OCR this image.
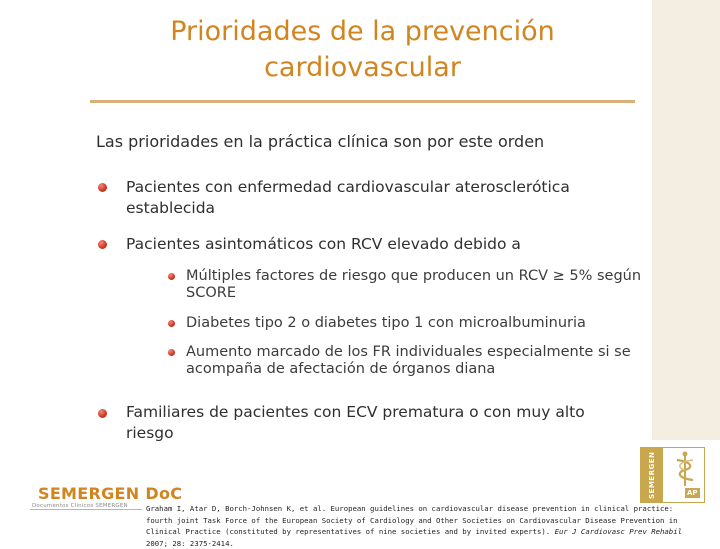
Prioridades de la prevención cardiovascular

Las prioridades en la práctica clínica son por este orden

Pacientes con enfermedad cardiovascular aterosclerótica establecida

Pacientes asintomáticos con RCV elevado debido a

Múltiples factores de riesgo que producen un RCV ≥ 5% según SCORE

Diabetes tipo 2 o diabetes tipo 1 con microalbuminuria

Aumento marcado de los FR individuales especialmente si se acompaña de afectación de órganos diana

Familiares de pacientes con ECV prematura o con muy alto riesgo

SEMERGEN DoC
Documentos Clínicos SEMERGEN Graham I, Atar D, Borch-Johnsen K, et al. European guidelines on cardiovascular disease prevention in clinical practice: fourth joint Task Force of the European Society of Cardiology and Other Societies on Cardiovascular Disease Prevention in Clinical Practice (constituted by representatives of nine societies and by invited experts). Eur J Cardiovasc Prev Rehabil 2007; 28: 2375-2414.

SEMERGEN	AP
